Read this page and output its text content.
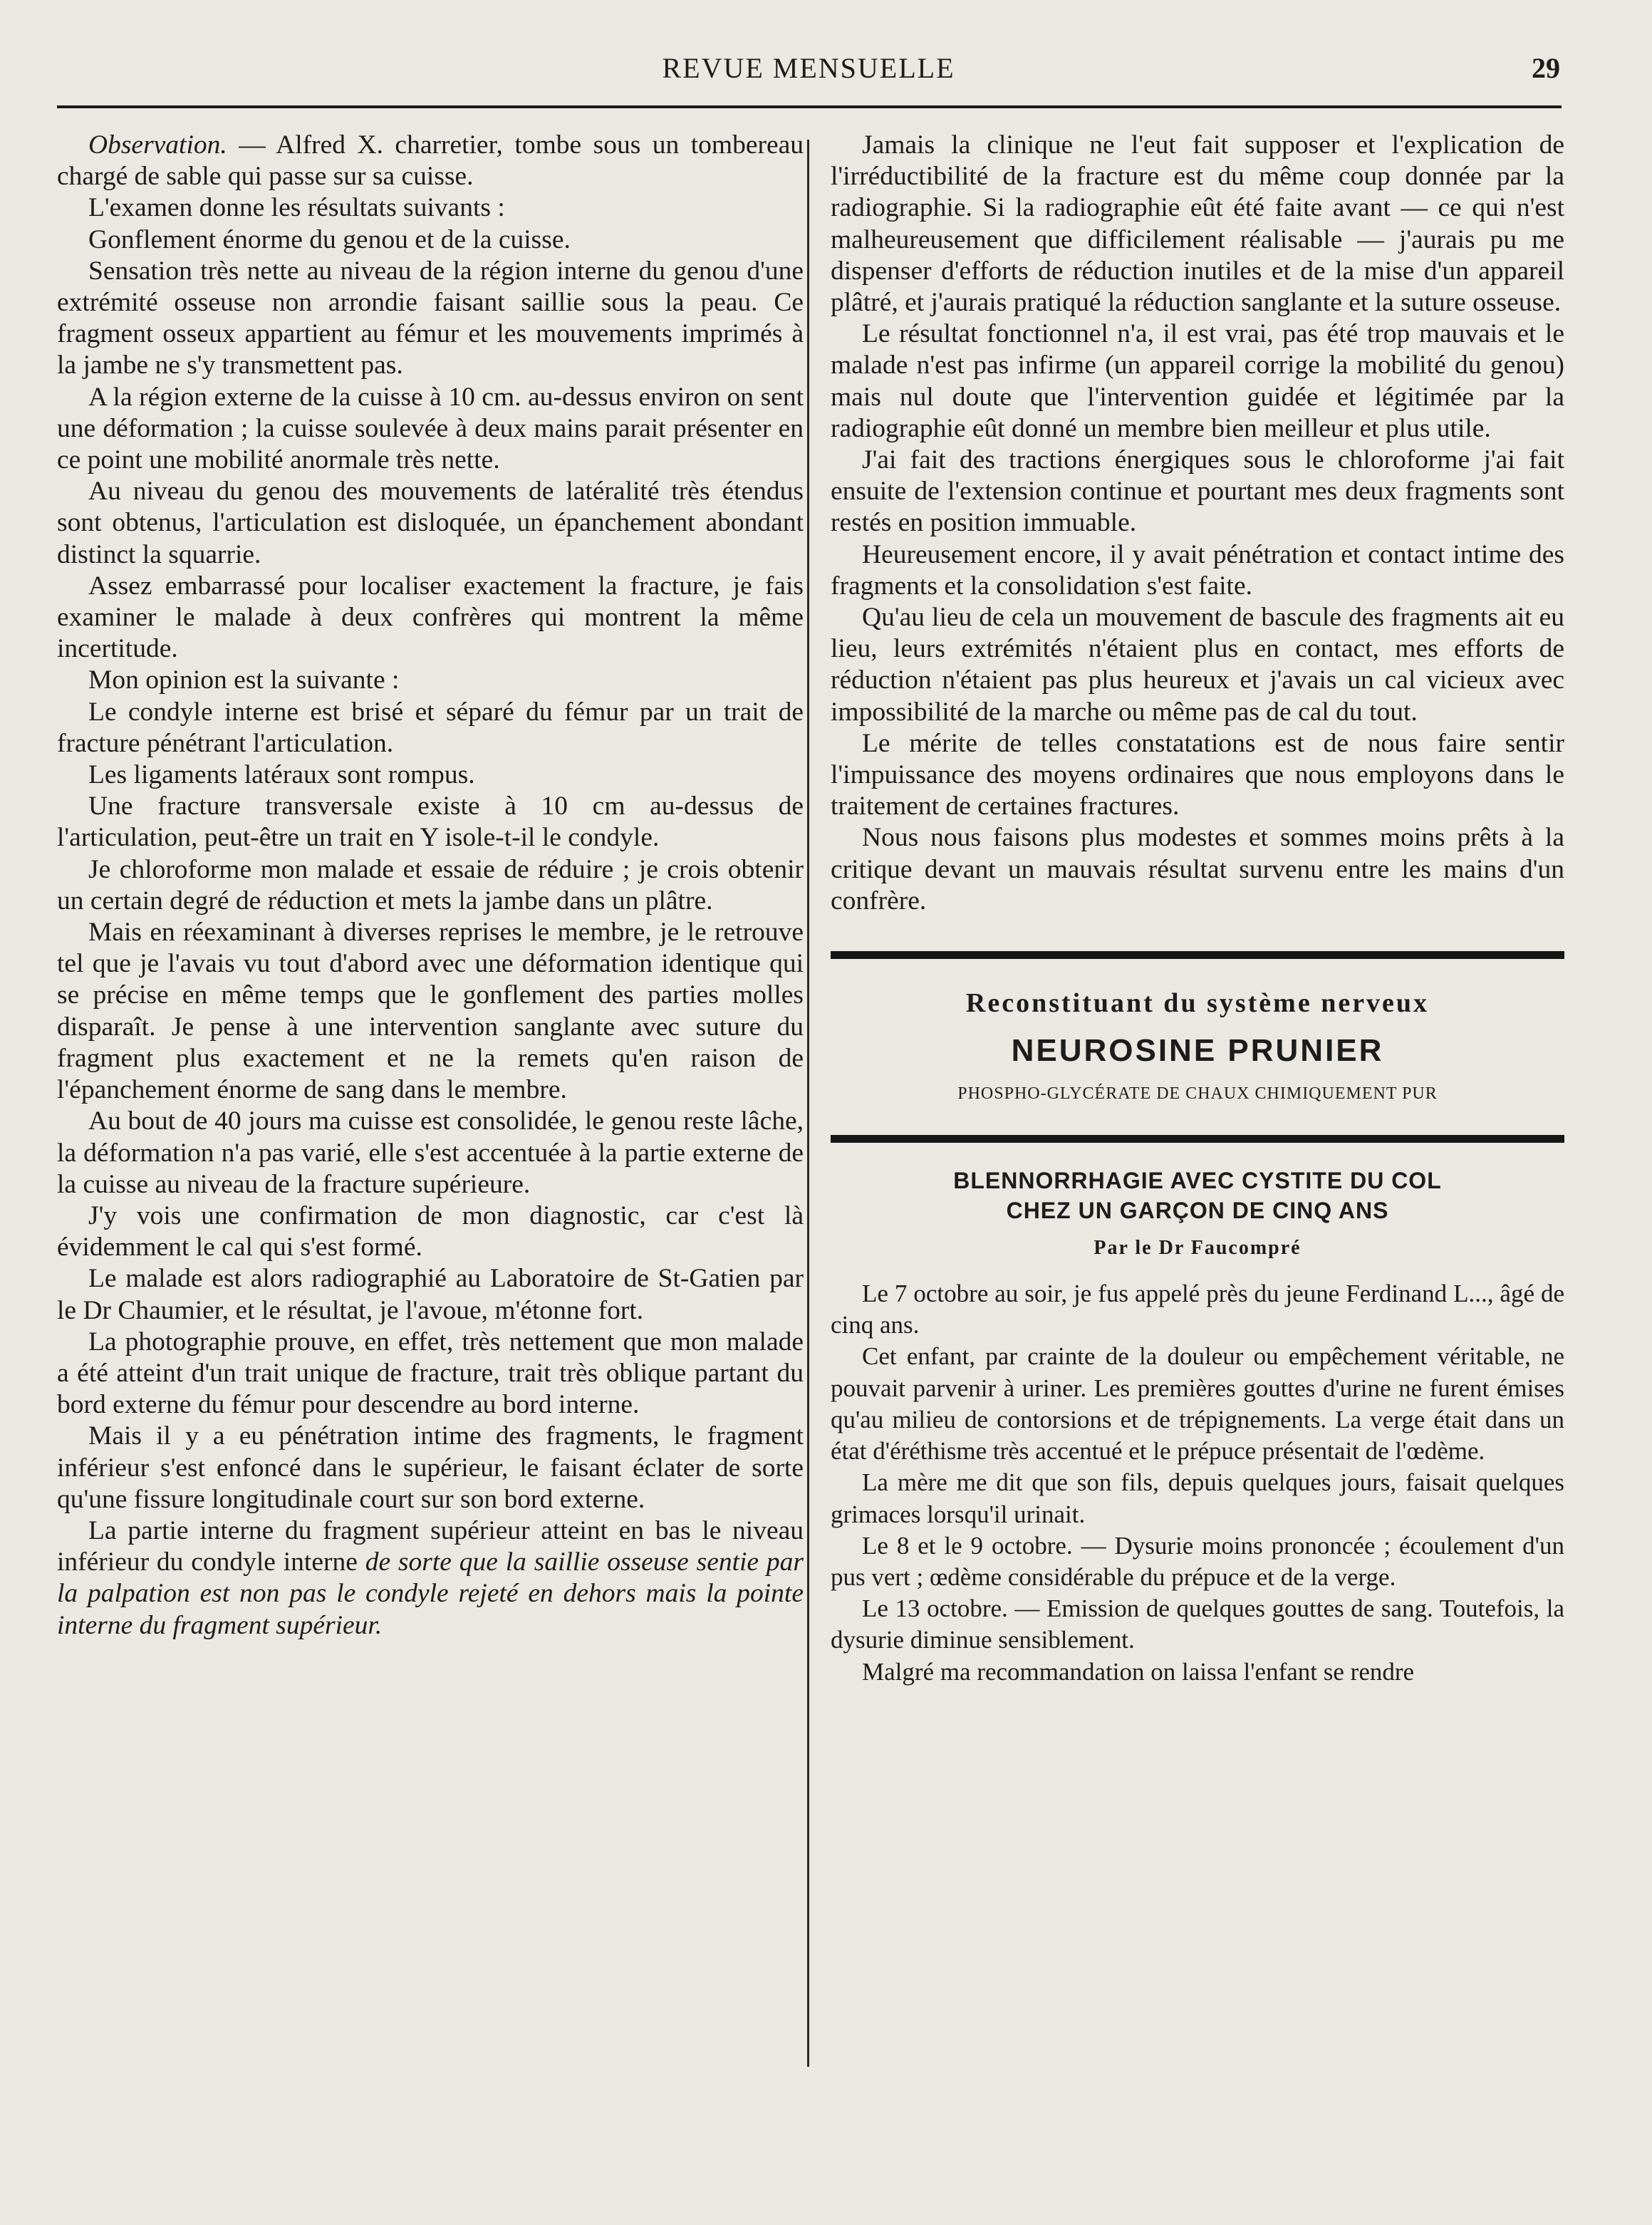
REVUE MENSUELLE	29

Observation. — Alfred X. charretier, tombe sous un tombereau chargé de sable qui passe sur sa cuisse.

L'examen donne les résultats suivants :

Gonflement énorme du genou et de la cuisse.

Sensation très nette au niveau de la région interne du genou d'une extrémité osseuse non arrondie faisant saillie sous la peau. Ce fragment osseux appartient au fémur et les mouvements imprimés à la jambe ne s'y transmettent pas.

A la région externe de la cuisse à 10 cm. au-dessus environ on sent une déformation ; la cuisse soulevée à deux mains parait présenter en ce point une mobilité anormale très nette.

Au niveau du genou des mouvements de latéralité très étendus sont obtenus, l'articulation est disloquée, un épanchement abondant distinct la squarrie.

Assez embarrassé pour localiser exactement la fracture, je fais examiner le malade à deux confrères qui montrent la même incertitude.

Mon opinion est la suivante :

Le condyle interne est brisé et séparé du fémur par un trait de fracture pénétrant l'articulation.

Les ligaments latéraux sont rompus.

Une fracture transversale existe à 10 cm au-dessus de l'articulation, peut-être un trait en Y isole-t-il le condyle.

Je chloroforme mon malade et essaie de réduire ; je crois obtenir un certain degré de réduction et mets la jambe dans un plâtre.

Mais en réexaminant à diverses reprises le membre, je le retrouve tel que je l'avais vu tout d'abord avec une déformation identique qui se précise en même temps que le gonflement des parties molles disparaît. Je pense à une intervention sanglante avec suture du fragment plus exactement et ne la remets qu'en raison de l'épanchement énorme de sang dans le membre.

Au bout de 40 jours ma cuisse est consolidée, le genou reste lâche, la déformation n'a pas varié, elle s'est accentuée à la partie externe de la cuisse au niveau de la fracture supérieure.

J'y vois une confirmation de mon diagnostic, car c'est là évidemment le cal qui s'est formé.

Le malade est alors radiographié au Laboratoire de St-Gatien par le Dr Chaumier, et le résultat, je l'avoue, m'étonne fort.

La photographie prouve, en effet, très nettement que mon malade a été atteint d'un trait unique de fracture, trait très oblique partant du bord externe du fémur pour descendre au bord interne.

Mais il y a eu pénétration intime des fragments, le fragment inférieur s'est enfoncé dans le supérieur, le faisant éclater de sorte qu'une fissure longitudinale court sur son bord externe.

La partie interne du fragment supérieur atteint en bas le niveau inférieur du condyle interne de sorte que la saillie osseuse sentie par la palpation est non pas le condyle rejeté en dehors mais la pointe interne du fragment supérieur.

Jamais la clinique ne l'eut fait supposer et l'explication de l'irréductibilité de la fracture est du même coup donnée par la radiographie. Si la radiographie eût été faite avant — ce qui n'est malheureusement que difficilement réalisable — j'aurais pu me dispenser d'efforts de réduction inutiles et de la mise d'un appareil plâtré, et j'aurais pratiqué la réduction sanglante et la suture osseuse.

Le résultat fonctionnel n'a, il est vrai, pas été trop mauvais et le malade n'est pas infirme (un appareil corrige la mobilité du genou) mais nul doute que l'intervention guidée et légitimée par la radiographie eût donné un membre bien meilleur et plus utile.

J'ai fait des tractions énergiques sous le chloroforme j'ai fait ensuite de l'extension continue et pourtant mes deux fragments sont restés en position immuable.

Heureusement encore, il y avait pénétration et contact intime des fragments et la consolidation s'est faite.

Qu'au lieu de cela un mouvement de bascule des fragments ait eu lieu, leurs extrémités n'étaient plus en contact, mes efforts de réduction n'étaient pas plus heureux et j'avais un cal vicieux avec impossibilité de la marche ou même pas de cal du tout.

Le mérite de telles constatations est de nous faire sentir l'impuissance des moyens ordinaires que nous employons dans le traitement de certaines fractures.

Nous nous faisons plus modestes et sommes moins prêts à la critique devant un mauvais résultat survenu entre les mains d'un confrère.

Reconstituant du système nerveux
NEUROSINE PRUNIER
PHOSPHO-GLYCÉRATE DE CHAUX CHIMIQUEMENT PUR
BLENNORRHAGIE AVEC CYSTITE DU COL
CHEZ UN GARÇON DE CINQ ANS
Par le Dr Faucompré

Le 7 octobre au soir, je fus appelé près du jeune Ferdinand L..., âgé de cinq ans.

Cet enfant, par crainte de la douleur ou empêchement véritable, ne pouvait parvenir à uriner. Les premières gouttes d'urine ne furent émises qu'au milieu de contorsions et de trépignements. La verge était dans un état d'éréthisme très accentué et le prépuce présentait de l'œdème.

La mère me dit que son fils, depuis quelques jours, faisait quelques grimaces lorsqu'il urinait.

Le 8 et le 9 octobre. — Dysurie moins prononcée ; écoulement d'un pus vert ; œdème considérable du prépuce et de la verge.

Le 13 octobre. — Emission de quelques gouttes de sang. Toutefois, la dysurie diminue sensiblement.

Malgré ma recommandation on laissa l'enfant se rendre
